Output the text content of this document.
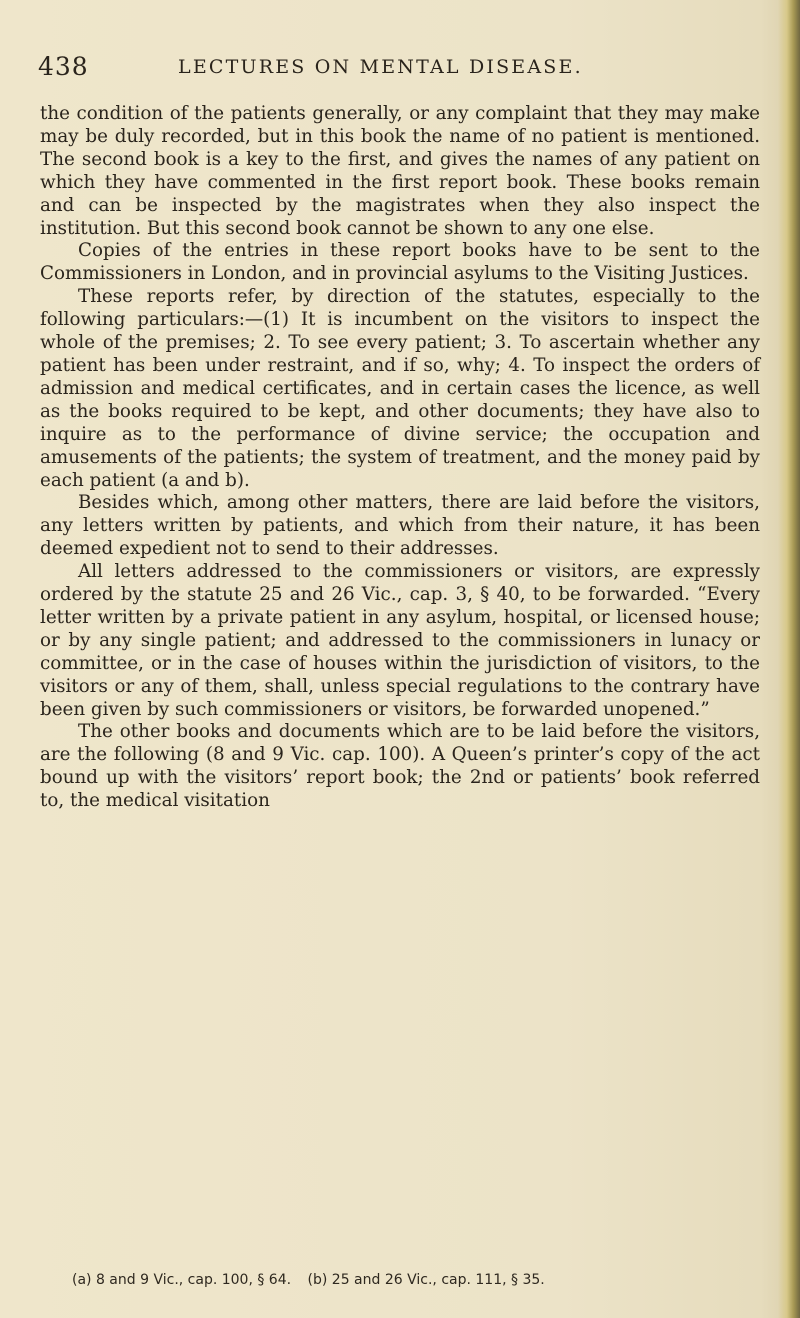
438	LECTURES ON MENTAL DISEASE.

the condition of the patients generally, or any complaint that they may make may be duly recorded, but in this book the name of no patient is mentioned. The second book is a key to the first, and gives the names of any patient on which they have commented in the first report book. These books remain and can be inspected by the magistrates when they also inspect the institution. But this second book cannot be shown to any one else.

Copies of the entries in these report books have to be sent to the Commissioners in London, and in provincial asylums to the Visiting Justices.

These reports refer, by direction of the statutes, especially to the following particulars:—(1) It is incumbent on the visitors to inspect the whole of the premises; 2. To see every patient; 3. To ascertain whether any patient has been under restraint, and if so, why; 4. To inspect the orders of admission and medical certificates, and in certain cases the licence, as well as the books required to be kept, and other documents; they have also to inquire as to the performance of divine service; the occupation and amusements of the patients; the system of treatment, and the money paid by each patient (a and b).

Besides which, among other matters, there are laid before the visitors, any letters written by patients, and which from their nature, it has been deemed expedient not to send to their addresses.

All letters addressed to the commissioners or visitors, are expressly ordered by the statute 25 and 26 Vic., cap. 3, § 40, to be forwarded. “Every letter written by a private patient in any asylum, hospital, or licensed house; or by any single patient; and addressed to the commissioners in lunacy or committee, or in the case of houses within the jurisdiction of visitors, to the visitors or any of them, shall, unless special regulations to the contrary have been given by such commissioners or visitors, be forwarded unopened.”

The other books and documents which are to be laid before the visitors, are the following (8 and 9 Vic. cap. 100). A Queen’s printer’s copy of the act bound up with the visitors’ report book; the 2nd or patients’ book referred to, the medical visitation

(a) 8 and 9 Vic., cap. 100, § 64. (b) 25 and 26 Vic., cap. 111, § 35.
